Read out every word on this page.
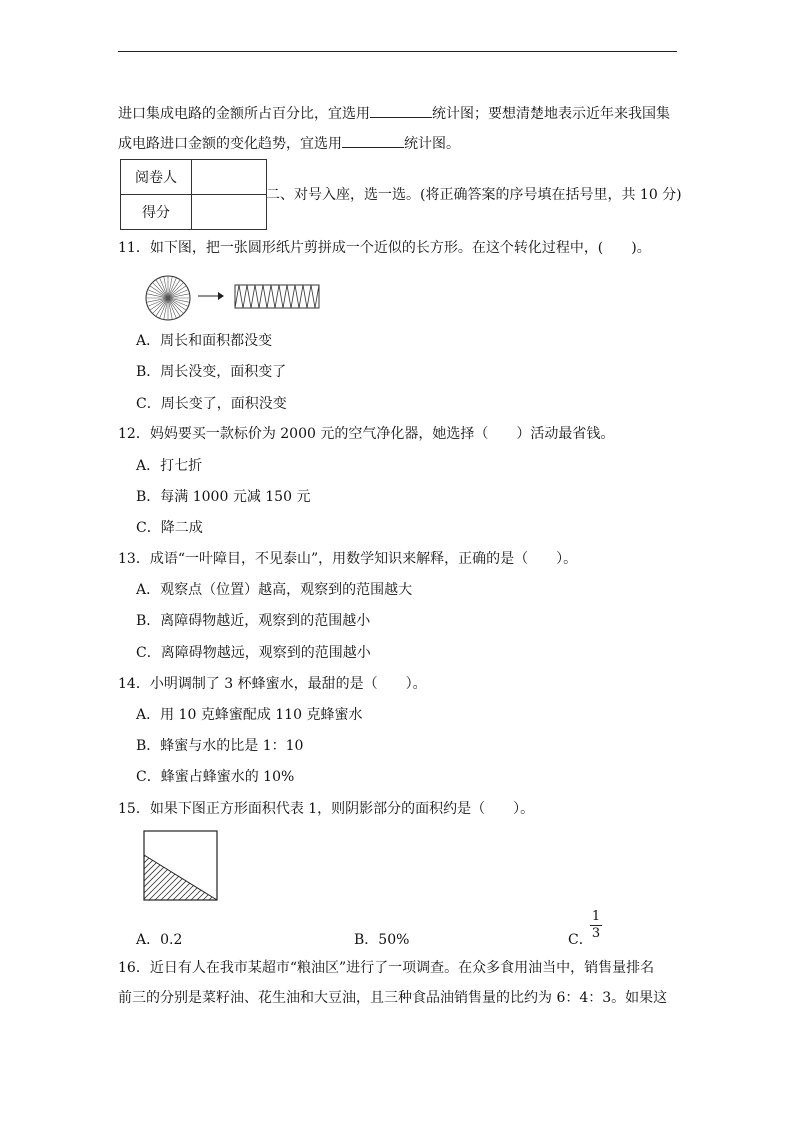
进口集成电路的金额所占百分比，宜选用	统计图；要想清楚地表示近年来我国集
成电路进口金额的变化趋势，宜选用	统计图。
阅卷人	
得分	
二、对号入座，选一选。(将正确答案的序号填在括号里，共 10 分)
11．如下图，把一张圆形纸片剪拼成一个近似的长方形。在这个转化过程中，(　　)。
A．周长和面积都没变
B．周长没变，面积变了
C．周长变了，面积没变
12．妈妈要买一款标价为 2000 元的空气净化器，她选择（　　）活动最省钱。
A．打七折
B．每满 1000 元减 150 元
C．降二成
13．成语“一叶障目，不见泰山”，用数学知识来解释，正确的是（　　）。
A．观察点（位置）越高，观察到的范围越大
B．离障碍物越近，观察到的范围越小
C．离障碍物越远，观察到的范围越小
14．小明调制了 3 杯蜂蜜水，最甜的是（　　）。
A．用 10 克蜂蜜配成 110 克蜂蜜水
B．蜂蜜与水的比是 1：10
C．蜂蜜占蜂蜜水的 10%
15．如果下图正方形面积代表 1，则阴影部分的面积约是（　　）。
A．0.2	B．50%	C．
1
3
16．近日有人在我市某超市“粮油区”进行了一项调查。在众多食用油当中，销售量排名
前三的分别是菜籽油、花生油和大豆油，且三种食品油销售量的比约为 6：4：3。如果这
